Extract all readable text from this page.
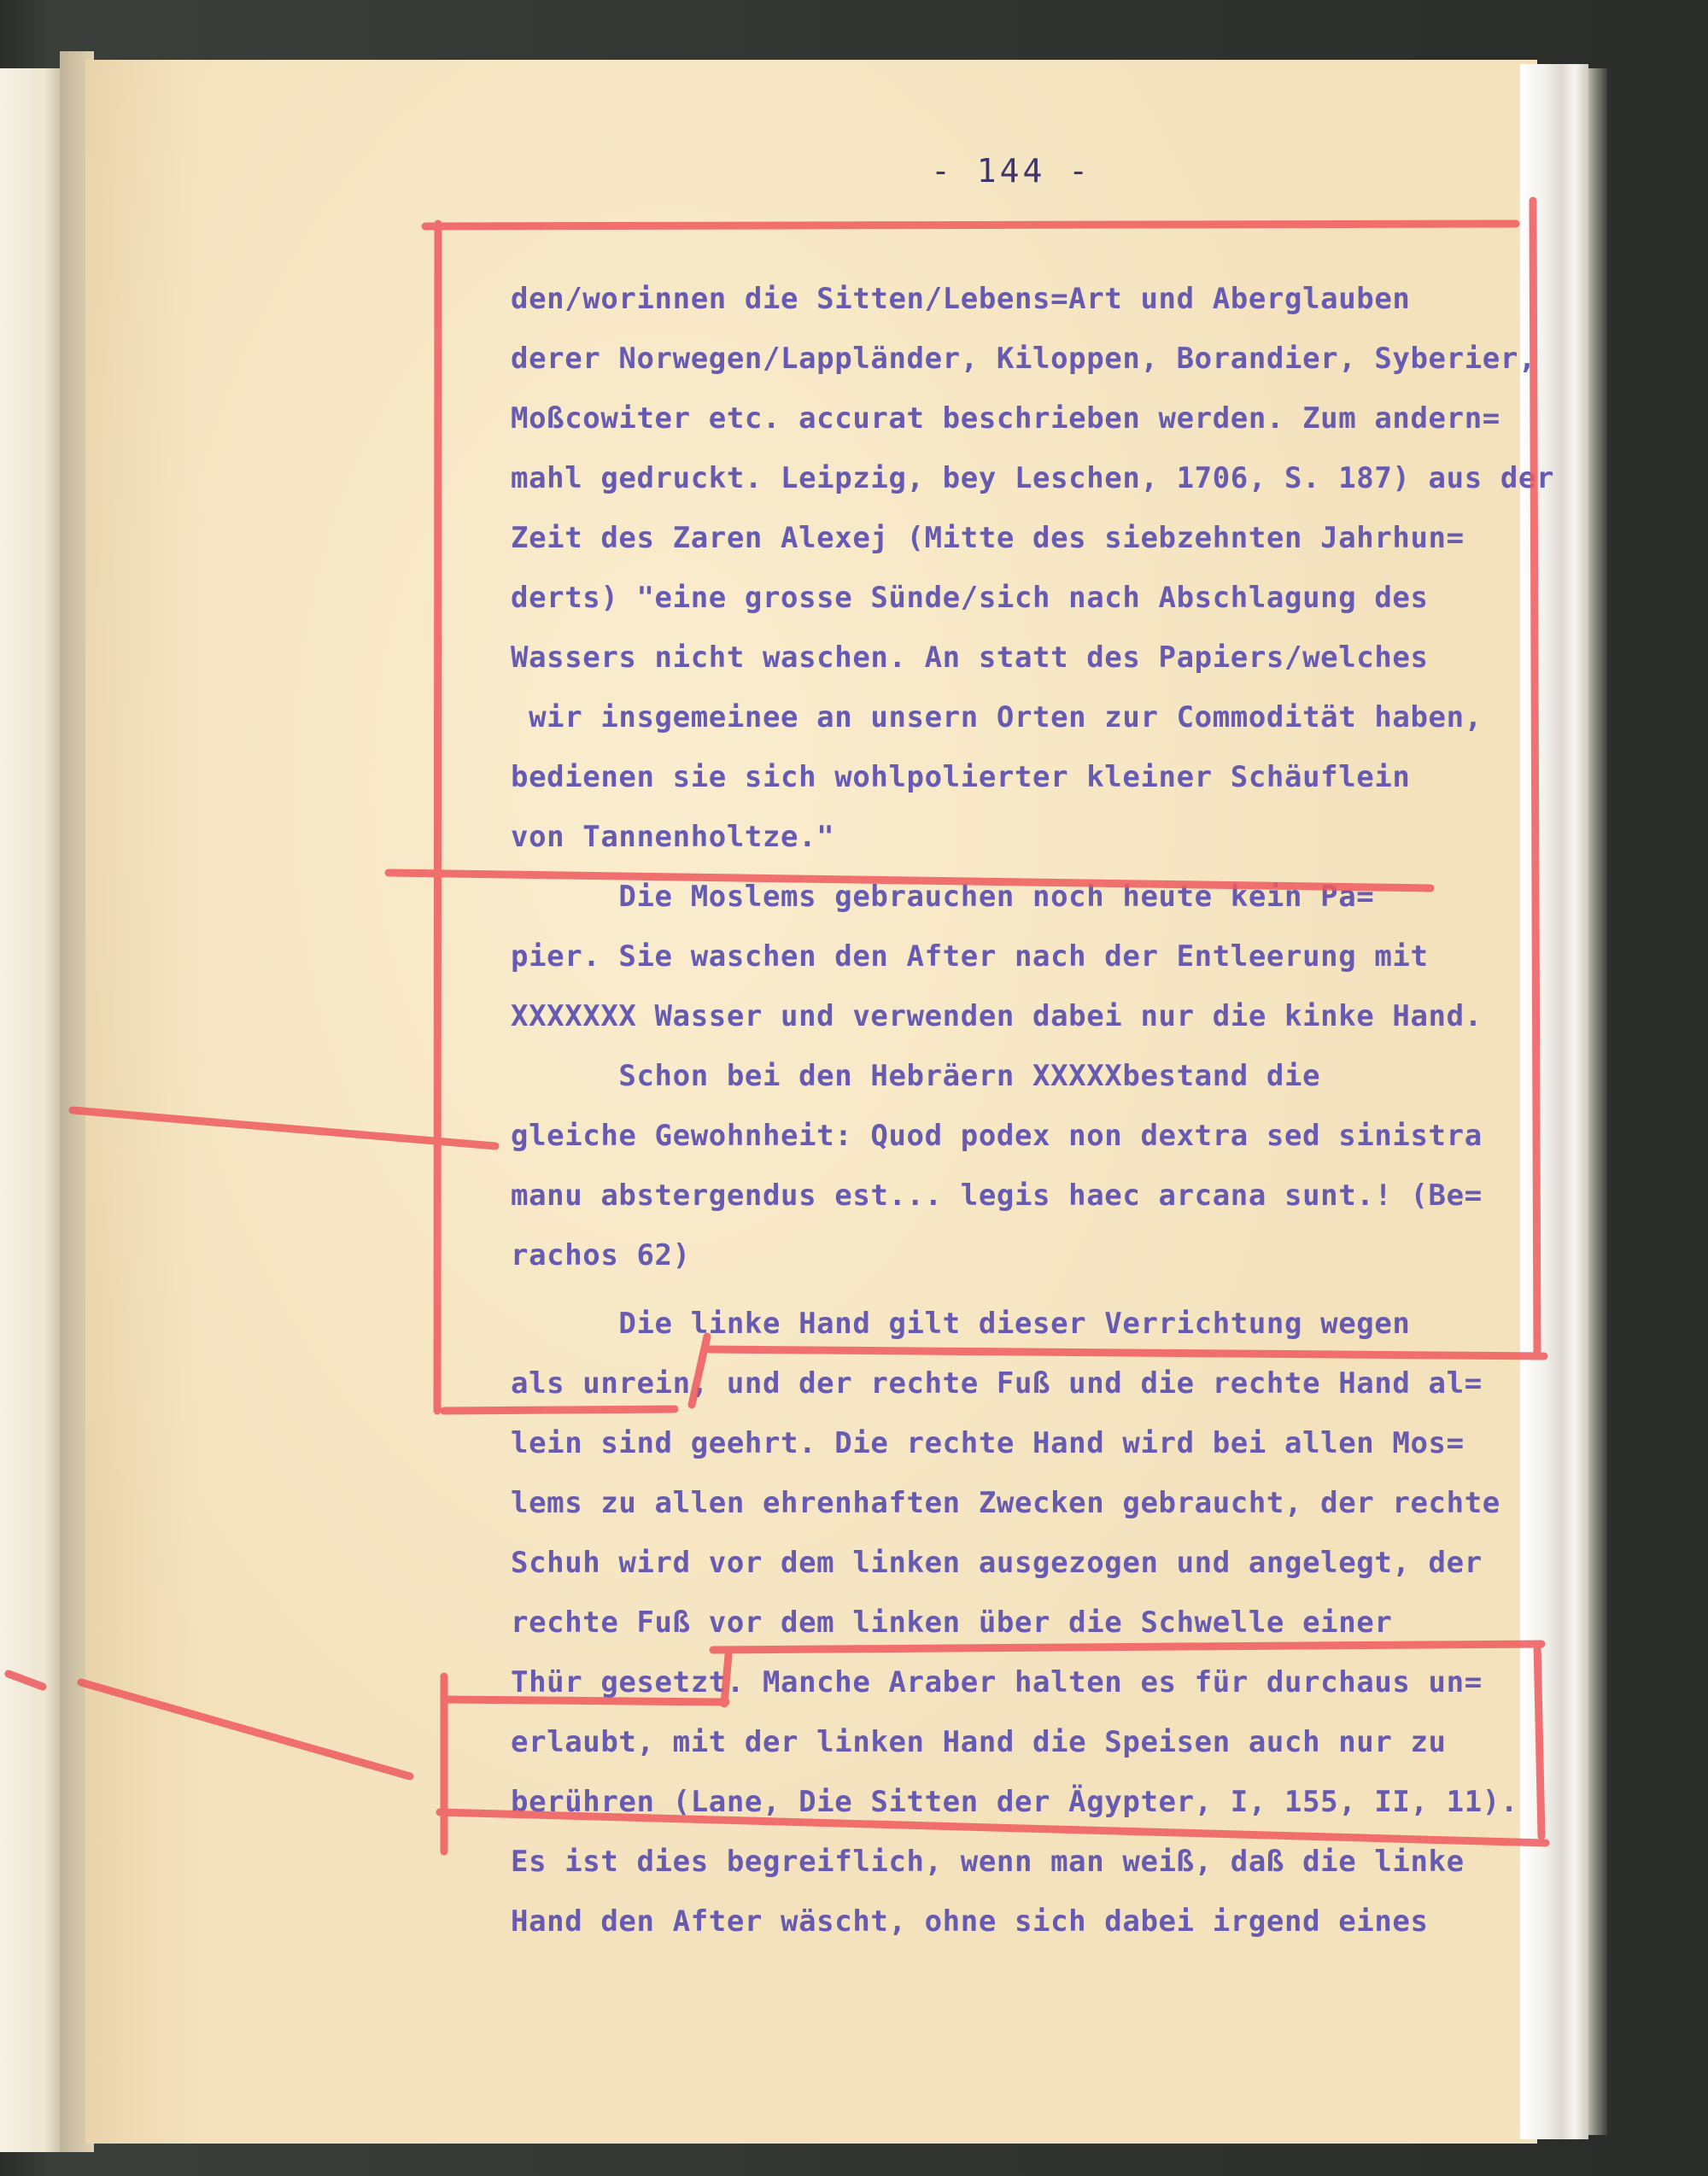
- 144 -
den/worinnen die Sitten/Lebens=Art und Aberglauben
derer Norwegen/Lappländer, Kiloppen, Borandier, Syberier,
Moßcowiter etc. accurat beschrieben werden. Zum andern=
mahl gedruckt. Leipzig, bey Leschen, 1706, S. 187) aus der
Zeit des Zaren Alexej (Mitte des siebzehnten Jahrhun=
derts) "eine grosse Sünde/sich nach Abschlagung des
Wassers nicht waschen. An statt des Papiers/welches
wir insgemeinee an unsern Orten zur Commodität haben,
bedienen sie sich wohlpolierter kleiner Schäuflein
von Tannenholtze."
Die Moslems gebrauchen noch heute kein Pa=
pier. Sie waschen den After nach der Entleerung mit
XXXXXXX Wasser und verwenden dabei nur die kinke Hand.
Schon bei den Hebräern XXXXXbestand die
gleiche Gewohnheit: Quod podex non dextra sed sinistra
manu abstergendus est... legis haec arcana sunt.! (Be=
rachos 62)
Die linke Hand gilt dieser Verrichtung wegen
als unrein, und der rechte Fuß und die rechte Hand al=
lein sind geehrt. Die rechte Hand wird bei allen Mos=
lems zu allen ehrenhaften Zwecken gebraucht, der rechte
Schuh wird vor dem linken ausgezogen und angelegt, der
rechte Fuß vor dem linken über die Schwelle einer
Thür gesetzt. Manche Araber halten es für durchaus un=
erlaubt, mit der linken Hand die Speisen auch nur zu
berühren (Lane, Die Sitten der Ägypter, I, 155, II, 11).
Es ist dies begreiflich, wenn man weiß, daß die linke
Hand den After wäscht, ohne sich dabei irgend eines
